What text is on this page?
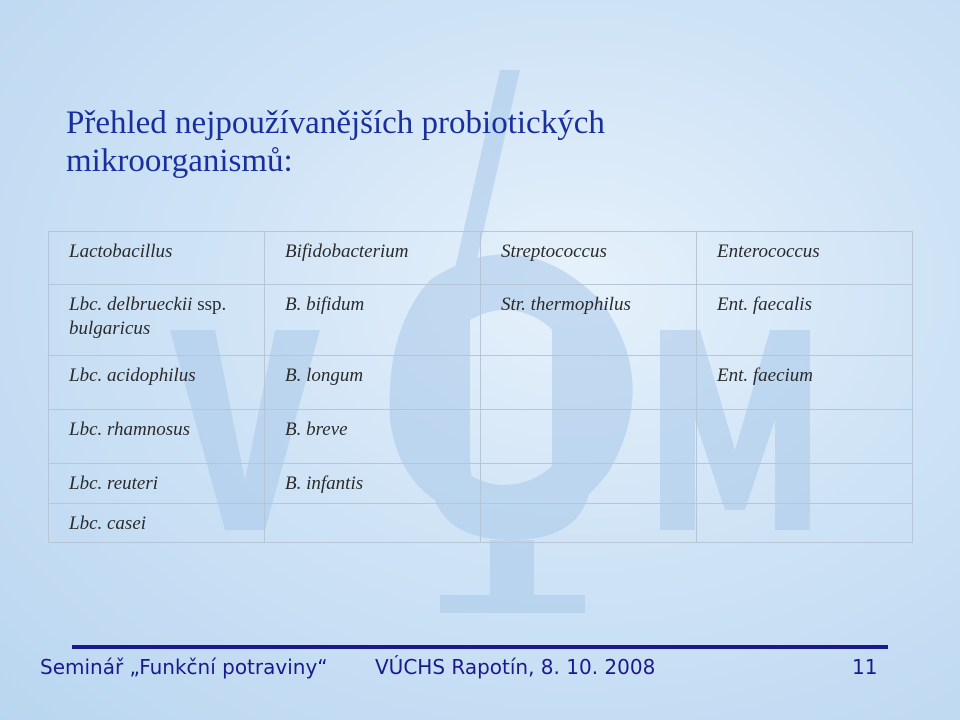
Přehled nejpoužívanějších probiotických mikroorganismů:
Lactobacillus	Bifidobacterium	Streptococcus	Enterococcus
Lbc. delbrueckii ssp.
bulgaricus	B. bifidum	Str. thermophilus	Ent. faecalis
Lbc. acidophilus	B. longum		Ent. faecium
Lbc. rhamnosus	B. breve		
Lbc. reuteri	B. infantis		
Lbc. casei			
Seminář „Funkční potraviny“ VÚCHS Rapotín, 8. 10. 2008	11
